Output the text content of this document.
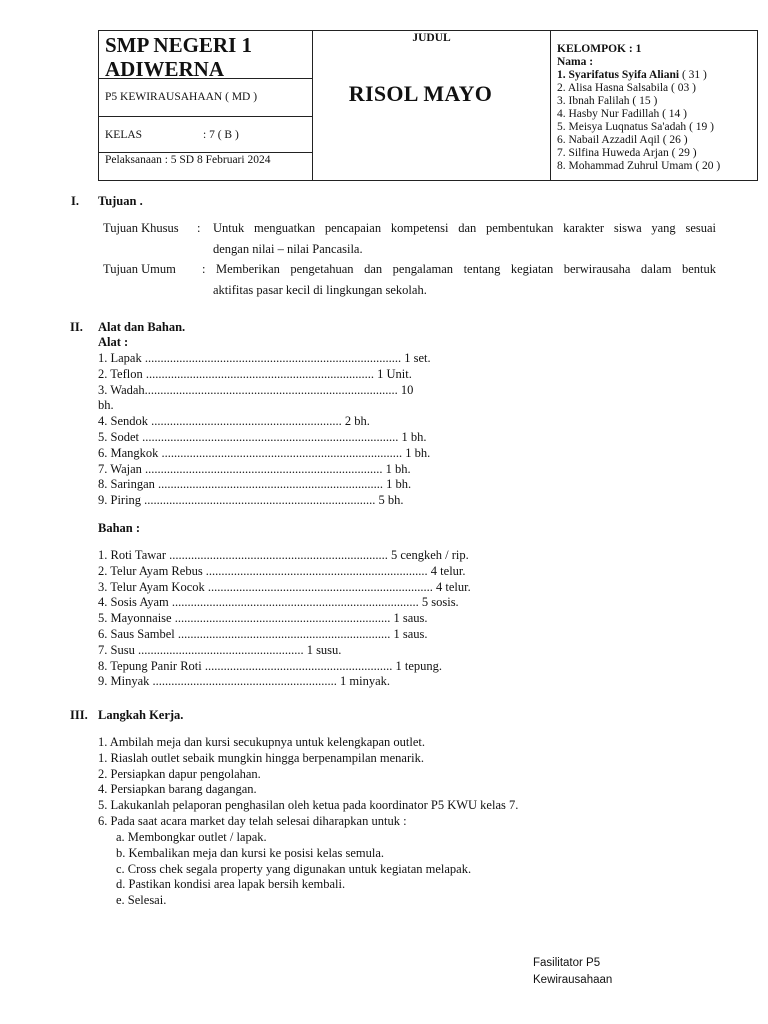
SMP NEGERI 1
ADIWERNA
P5 KEWIRAUSAHAAN ( MD )
KELAS	: 7 ( B )
Pelaksanaan : 5 SD 8 Februari 2024
JUDUL
RISOL MAYO
KELOMPOK : 1
Nama :
1. Syarifatus Syifa Aliani ( 31 )
2. Alisa Hasna Salsabila ( 03 )
3. Ibnah Falilah ( 15 )
4. Hasby Nur Fadillah ( 14 )
5. Meisya Luqnatus Sa'adah ( 19 )
6. Nabail Azzadil Aqil ( 26 )
7. Silfina Huweda Arjan ( 29 )
8. Mohammad Zuhrul Umam ( 20 )
I. Tujuan .
Tujuan Khusus : Untuk menguatkan pencapaian kompetensi dan pembentukan karakter siswa yang sesuai
dengan nilai – nilai Pancasila.
Tujuan Umum : Memberikan pengetahuan dan pengalaman tentang kegiatan berwirausaha dalam bentuk
aktifitas pasar kecil di lingkungan sekolah.
II. Alat dan Bahan.
Alat :
1. Lapak .................................................................................. 1 set.
2. Teflon ......................................................................... 1 Unit.
3. Wadah................................................................................. 10
bh.
4. Sendok ............................................................. 2 bh.
5. Sodet .................................................................................. 1 bh.
6. Mangkok ............................................................................. 1 bh.
7. Wajan ............................................................................ 1 bh.
8. Saringan ........................................................................ 1 bh.
9. Piring .......................................................................... 5 bh.
Bahan :
1. Roti Tawar ...................................................................... 5 cengkeh / rip.
2. Telur Ayam Rebus ....................................................................... 4 telur.
3. Telur Ayam Kocok ........................................................................ 4 telur.
4. Sosis Ayam ............................................................................... 5 sosis.
5. Mayonnaise ..................................................................... 1 saus.
6. Saus Sambel .................................................................... 1 saus.
7. Susu ..................................................... 1 susu.
8. Tepung Panir Roti ............................................................ 1 tepung.
9. Minyak ........................................................... 1 minyak.
III. Langkah Kerja.
1. Ambilah meja dan kursi secukupnya untuk kelengkapan outlet.
1. Riaslah outlet sebaik mungkin hingga berpenampilan menarik.
2. Persiapkan dapur pengolahan.
4. Persiapkan barang dagangan.
5. Lakukanlah pelaporan penghasilan oleh ketua pada koordinator P5 KWU kelas 7.
6. Pada saat acara market day telah selesai diharapkan untuk :
a. Membongkar outlet / lapak.
b. Kembalikan meja dan kursi ke posisi kelas semula.
c. Cross chek segala property yang digunakan untuk kegiatan melapak.
d. Pastikan kondisi area lapak bersih kembali.
e. Selesai.
Fasilitator P5
Kewirausahaan
